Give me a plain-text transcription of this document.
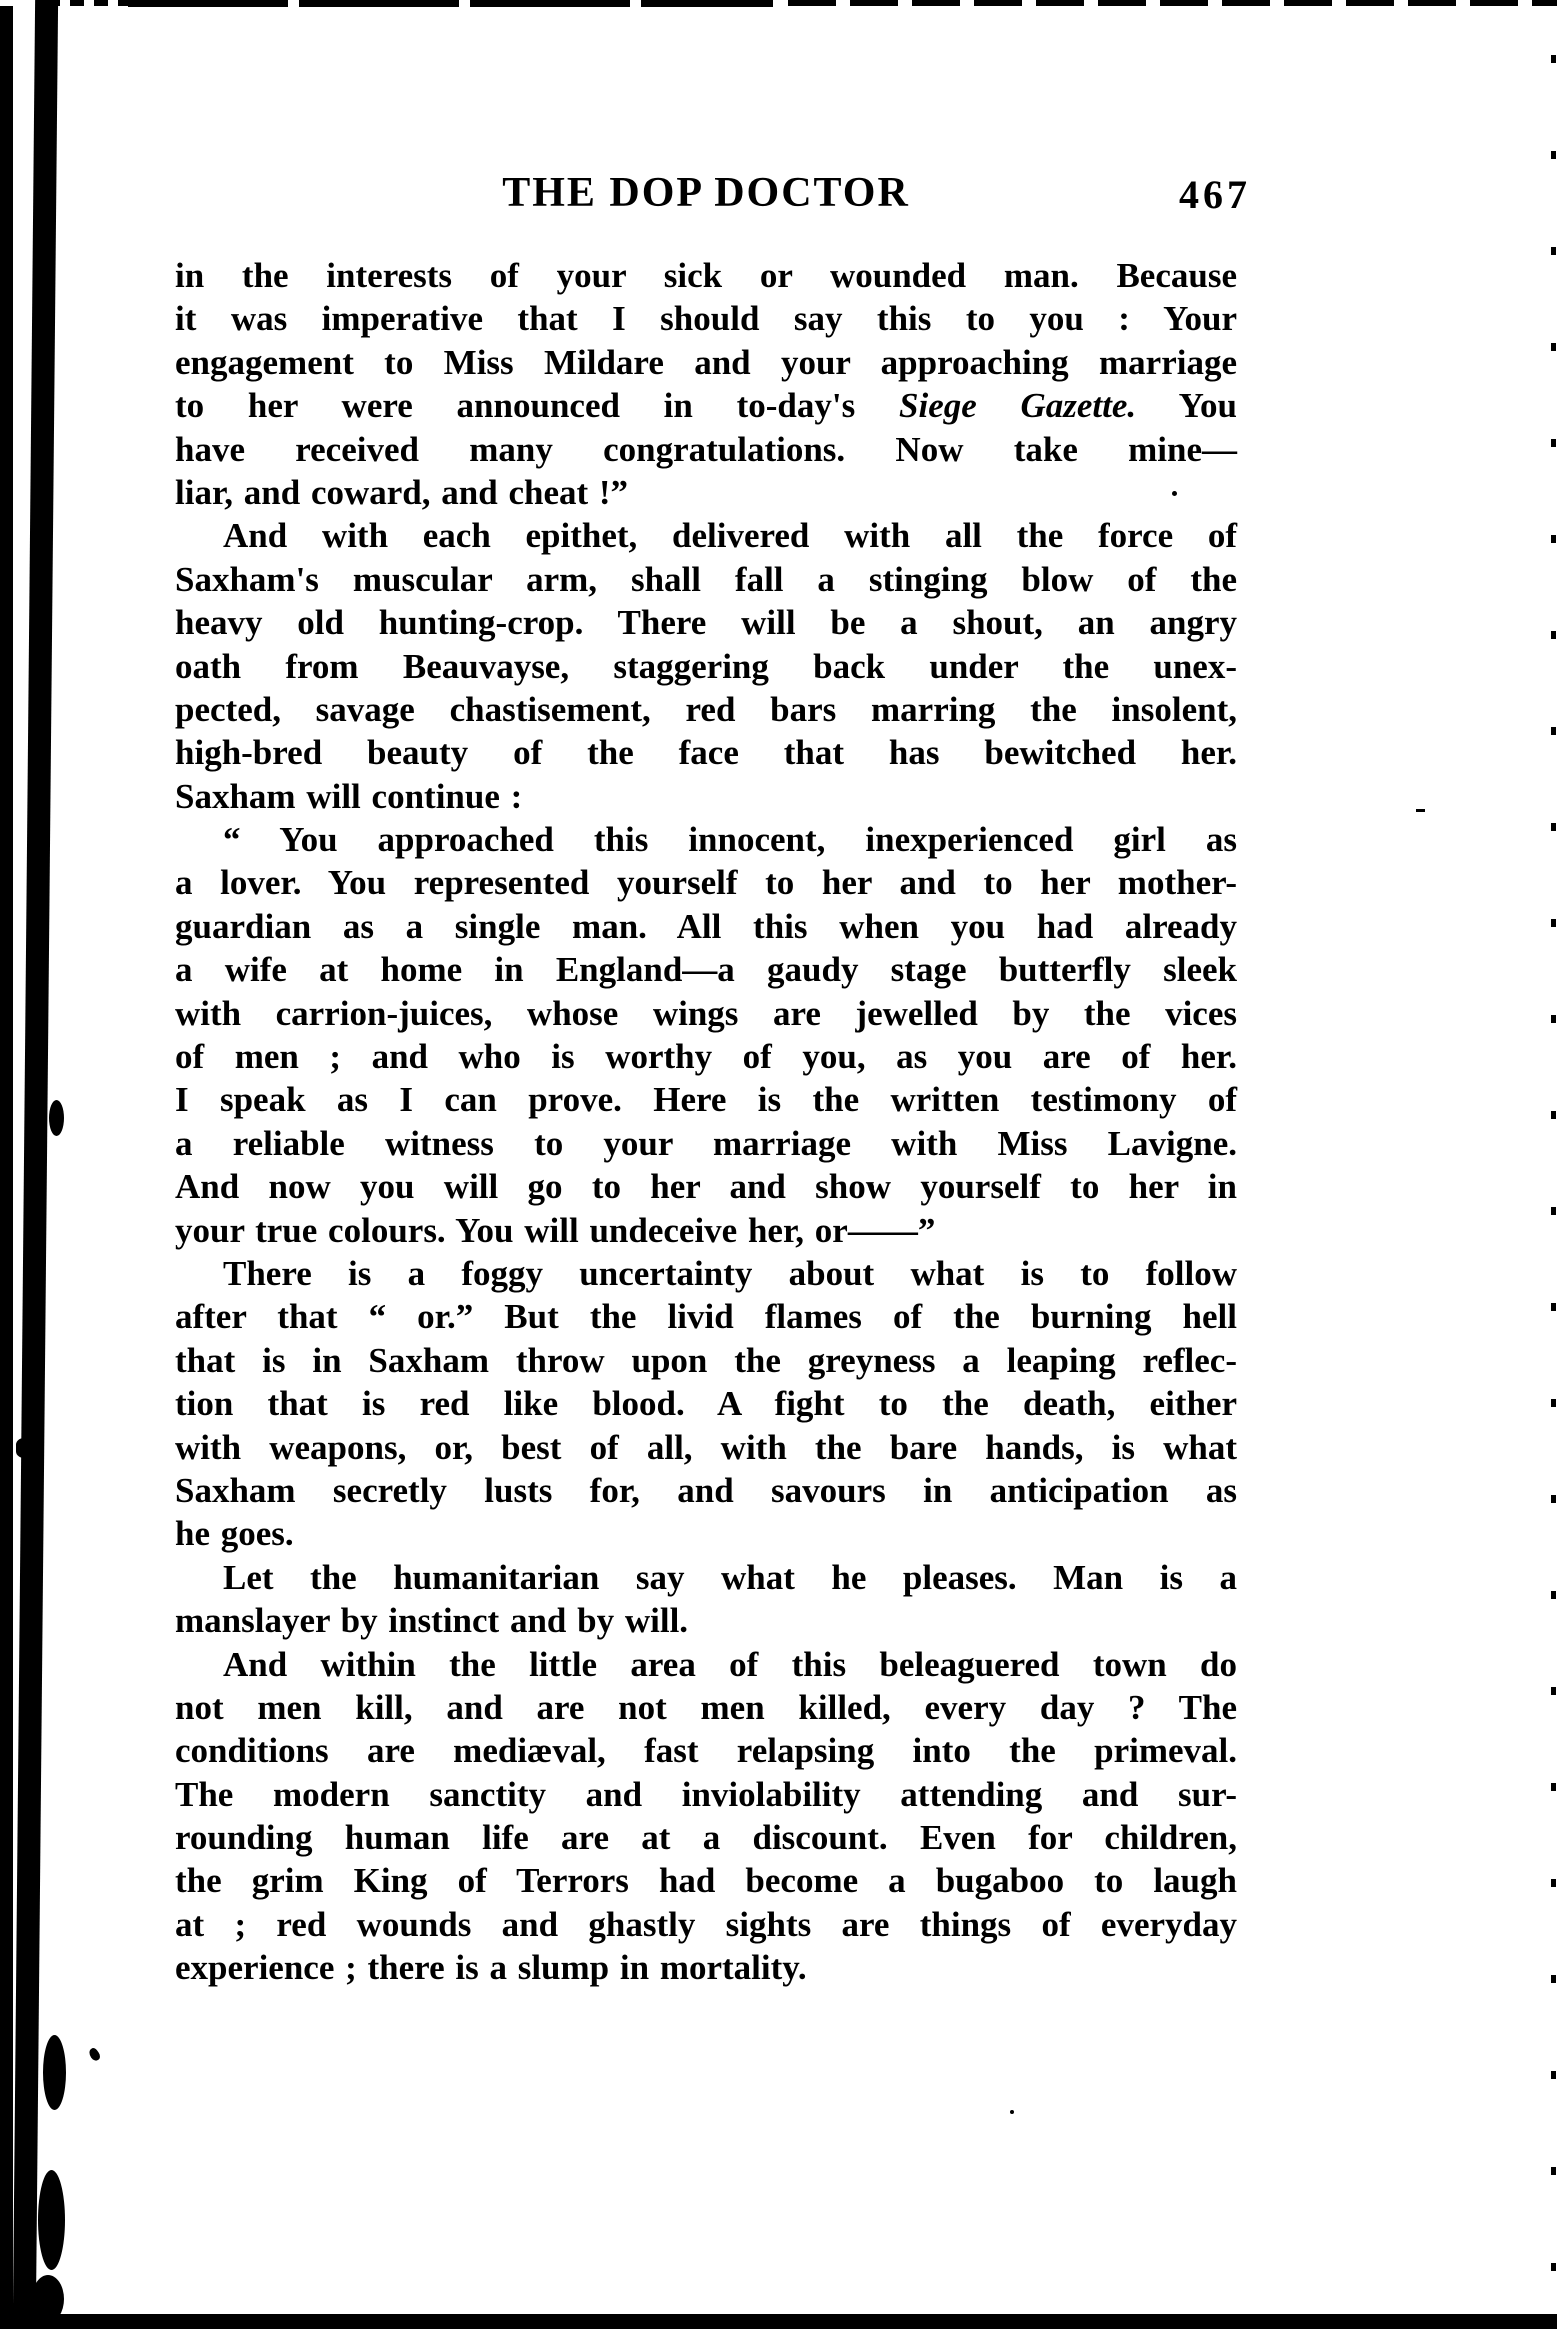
THE DOP DOCTOR	467
in the interests of your sick or wounded man. Because
it was imperative that I should say this to you : Your
engagement to Miss Mildare and your approaching marriage
to her were announced in to-day's Siege Gazette. You
have received many congratulations. Now take mine—
liar, and coward, and cheat !”
And with each epithet, delivered with all the force of
Saxham's muscular arm, shall fall a stinging blow of the
heavy old hunting-crop. There will be a shout, an angry
oath from Beauvayse, staggering back under the unex-
pected, savage chastisement, red bars marring the insolent,
high-bred beauty of the face that has bewitched her.
Saxham will continue :
“ You approached this innocent, inexperienced girl as
a lover. You represented yourself to her and to her mother-
guardian as a single man. All this when you had already
a wife at home in England—a gaudy stage butterfly sleek
with carrion-juices, whose wings are jewelled by the vices
of men ; and who is worthy of you, as you are of her.
I speak as I can prove. Here is the written testimony of
a reliable witness to your marriage with Miss Lavigne.
And now you will go to her and show yourself to her in
your true colours. You will undeceive her, or——”
There is a foggy uncertainty about what is to follow
after that “ or.” But the livid flames of the burning hell
that is in Saxham throw upon the greyness a leaping reflec-
tion that is red like blood. A fight to the death, either
with weapons, or, best of all, with the bare hands, is what
Saxham secretly lusts for, and savours in anticipation as
he goes.
Let the humanitarian say what he pleases. Man is a
manslayer by instinct and by will.
And within the little area of this beleaguered town do
not men kill, and are not men killed, every day ? The
conditions are mediæval, fast relapsing into the primeval.
The modern sanctity and inviolability attending and sur-
rounding human life are at a discount. Even for children,
the grim King of Terrors had become a bugaboo to laugh
at ; red wounds and ghastly sights are things of everyday
experience ; there is a slump in mortality.
